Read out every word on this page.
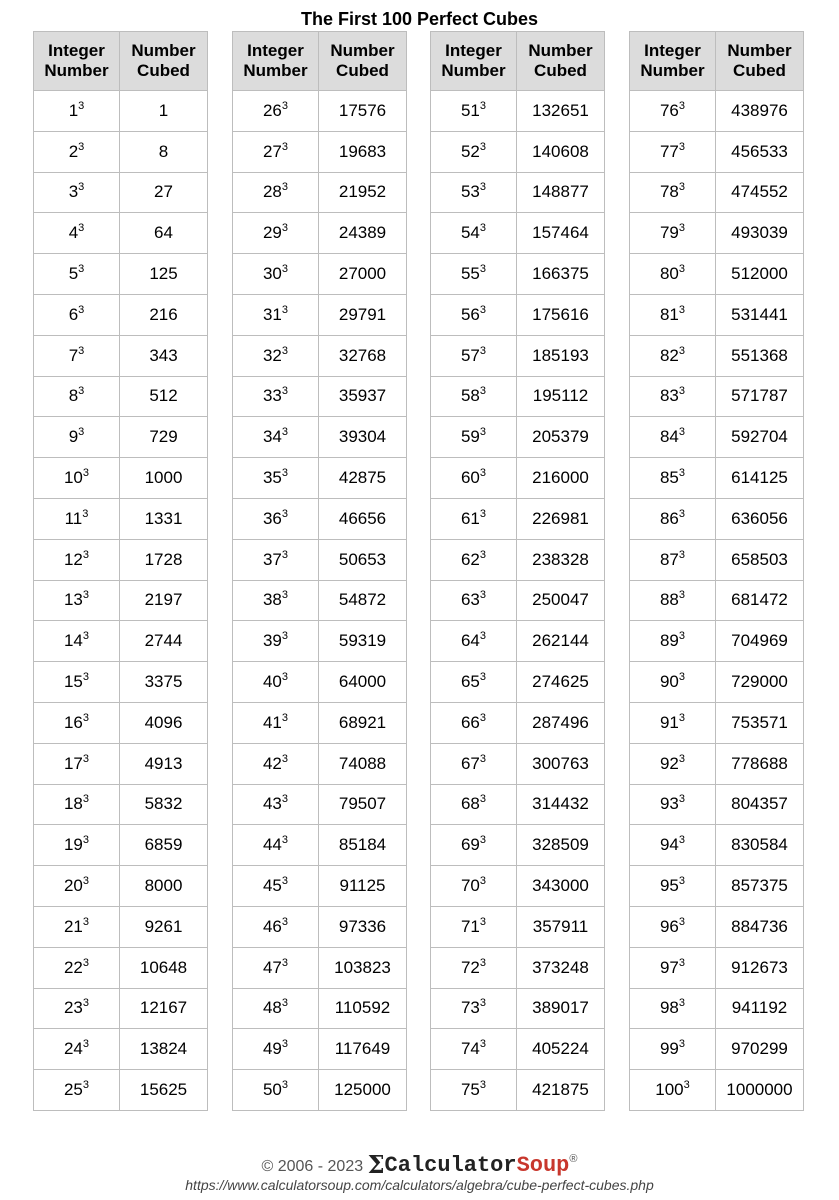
The First 100 Perfect Cubes
Integer Number	Number Cubed
$1^3$	1
$2^3$	8
$3^3$	27
$4^3$	64
$5^3$	125
$6^3$	216
$7^3$	343
$8^3$	512
$9^3$	729
$10^3$	1000
$11^3$	1331
$12^3$	1728
$13^3$	2197
$14^3$	2744
$15^3$	3375
$16^3$	4096
$17^3$	4913
$18^3$	5832
$19^3$	6859
$20^3$	8000
$21^3$	9261
$22^3$	10648
$23^3$	12167
$24^3$	13824
$25^3$	15625
Integer Number	Number Cubed
$26^3$	17576
$27^3$	19683
$28^3$	21952
$29^3$	24389
$30^3$	27000
$31^3$	29791
$32^3$	32768
$33^3$	35937
$34^3$	39304
$35^3$	42875
$36^3$	46656
$37^3$	50653
$38^3$	54872
$39^3$	59319
$40^3$	64000
$41^3$	68921
$42^3$	74088
$43^3$	79507
$44^3$	85184
$45^3$	91125
$46^3$	97336
$47^3$	103823
$48^3$	110592
$49^3$	117649
$50^3$	125000
Integer Number	Number Cubed
$51^3$	132651
$52^3$	140608
$53^3$	148877
$54^3$	157464
$55^3$	166375
$56^3$	175616
$57^3$	185193
$58^3$	195112
$59^3$	205379
$60^3$	216000
$61^3$	226981
$62^3$	238328
$63^3$	250047
$64^3$	262144
$65^3$	274625
$66^3$	287496
$67^3$	300763
$68^3$	314432
$69^3$	328509
$70^3$	343000
$71^3$	357911
$72^3$	373248
$73^3$	389017
$74^3$	405224
$75^3$	421875
Integer Number	Number Cubed
$76^3$	438976
$77^3$	456533
$78^3$	474552
$79^3$	493039
$80^3$	512000
$81^3$	531441
$82^3$	551368
$83^3$	571787
$84^3$	592704
$85^3$	614125
$86^3$	636056
$87^3$	658503
$88^3$	681472
$89^3$	704969
$90^3$	729000
$91^3$	753571
$92^3$	778688
$93^3$	804357
$94^3$	830584
$95^3$	857375
$96^3$	884736
$97^3$	912673
$98^3$	941192
$99^3$	970299
$100^3$	1000000
© 2006 - 2023 ΣCalculatorSoup®
https://www.calculatorsoup.com/calculators/algebra/cube-perfect-cubes.php
